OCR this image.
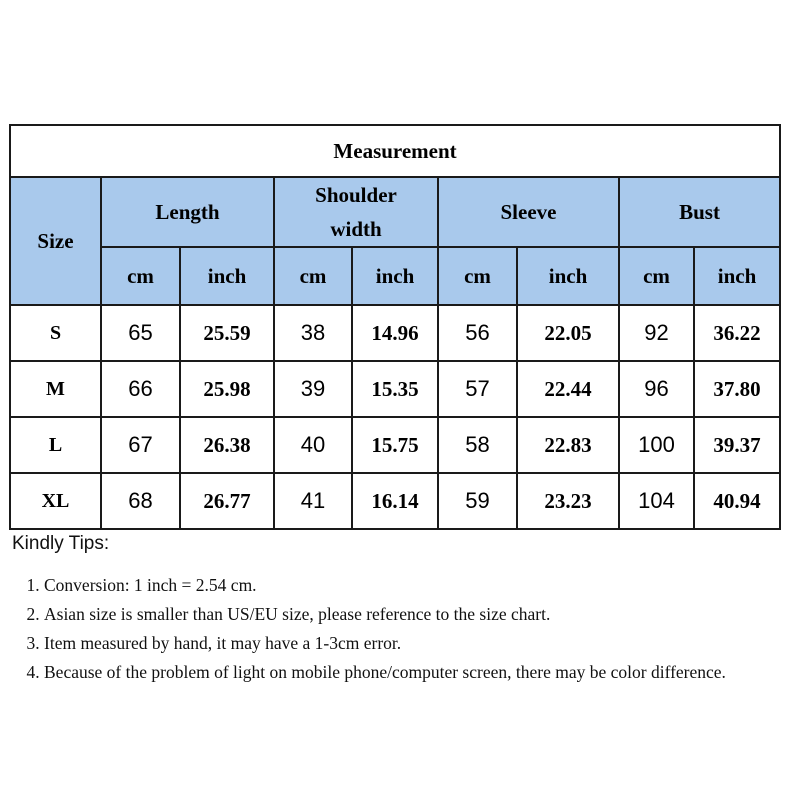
Measurement								
Size	Length		Shoulder width		Sleeve		Bust	
	cm	inch	cm	inch	cm	inch	cm	inch
S	65	25.59	38	14.96	56	22.05	92	36.22
M	66	25.98	39	15.35	57	22.44	96	37.80
L	67	26.38	40	15.75	58	22.83	100	39.37
XL	68	26.77	41	16.14	59	23.23	104	40.94
Kindly Tips:
1. Conversion: 1 inch = 2.54 cm.
2. Asian size is smaller than US/EU size, please reference to the size chart.
3. Item measured by hand, it may have a 1-3cm error.
4. Because of the problem of light on mobile phone/computer screen, there may be color difference.
